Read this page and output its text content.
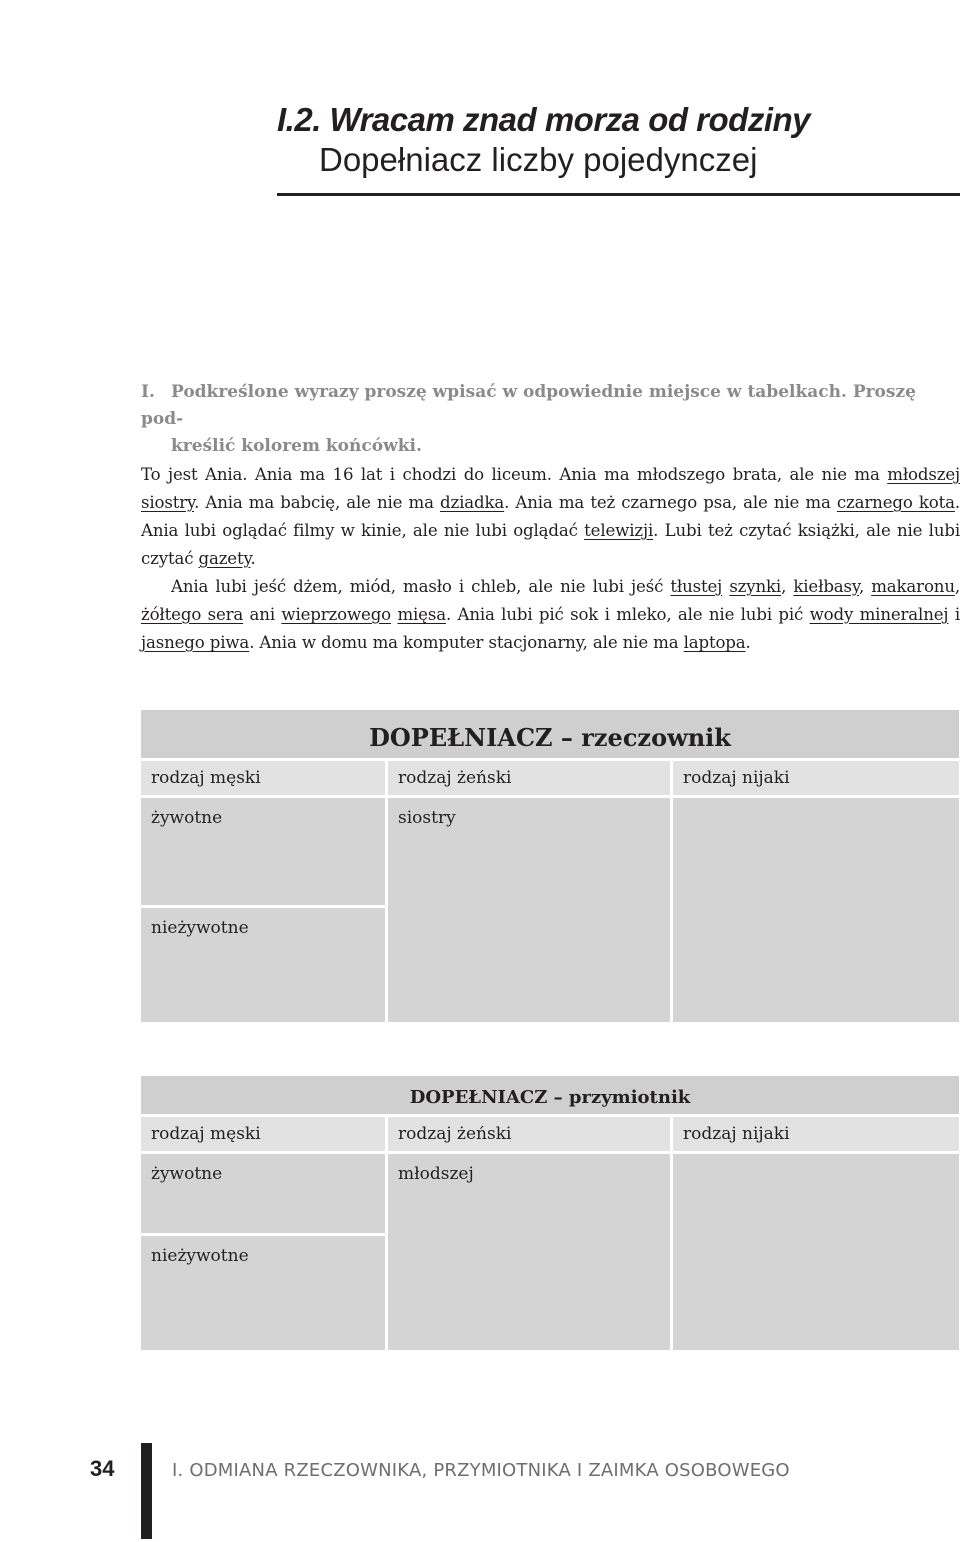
I.2. Wracam znad morza od rodziny
Dopełniacz liczby pojedynczej
I. Podkreślone wyrazy proszę wpisać w odpowiednie miejsce w tabelkach. Proszę pod-
kreślić kolorem końcówki.

To jest Ania. Ania ma 16 lat i chodzi do liceum. Ania ma młodszego brata, ale nie ma młodszej siostry. Ania ma babcię, ale nie ma dziadka. Ania ma też czarnego psa, ale nie ma czarnego kota. Ania lubi oglądać filmy w kinie, ale nie lubi oglądać telewizji. Lubi też czytać książki, ale nie lubi czytać gazety.

Ania lubi jeść dżem, miód, masło i chleb, ale nie lubi jeść tłustej szynki, kiełbasy, makaronu, żółtego sera ani wieprzowego mięsa. Ania lubi pić sok i mleko, ale nie lubi pić wody mineralnej i jasnego piwa. Ania w domu ma komputer stacjonarny, ale nie ma laptopa.

DOPEŁNIACZ – rzeczownik		
rodzaj męski	rodzaj żeński	rodzaj nijaki
żywotne	siostry	
nieżywotne		
DOPEŁNIACZ – przymiotnik		
rodzaj męski	rodzaj żeński	rodzaj nijaki
żywotne	młodszej	
nieżywotne		
34	I. ODMIANA RZECZOWNIKA, PRZYMIOTNIKA I ZAIMKA OSOBOWEGO
